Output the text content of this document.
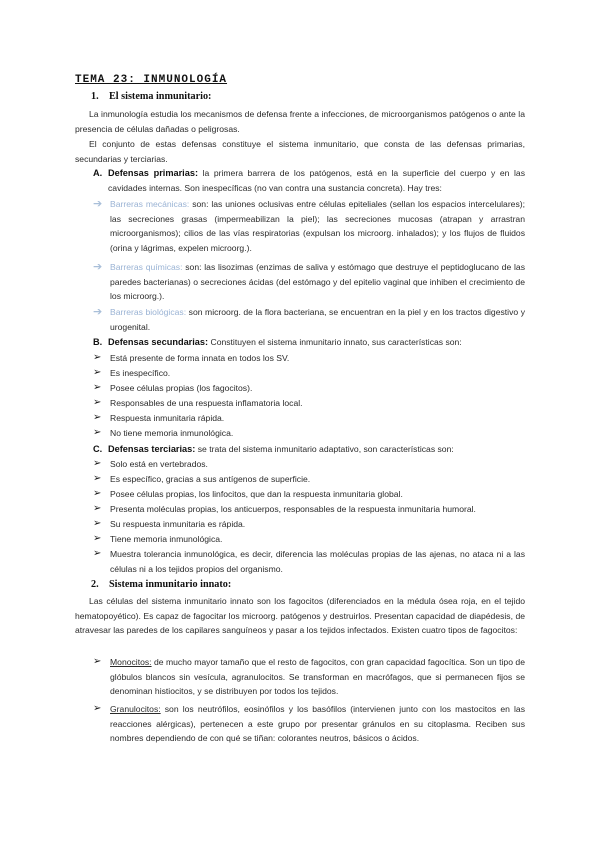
TEMA 23: INMUNOLOGÍA
1. El sistema inmunitario:
La inmunología estudia los mecanismos de defensa frente a infecciones, de microorganismos patógenos o ante la presencia de células dañadas o peligrosas.
El conjunto de estas defensas constituye el sistema inmunitario, que consta de las defensas primarias, secundarias y terciarias.
A. Defensas primarias: la primera barrera de los patógenos, está en la superficie del cuerpo y en las cavidades internas. Son inespecíficas (no van contra una sustancia concreta). Hay tres:
➔ Barreras mecánicas: son: las uniones oclusivas entre células epiteliales (sellan los espacios intercelulares); las secreciones grasas (impermeabilizan la piel); las secreciones mucosas (atrapan y arrastran microorganismos); cilios de las vías respiratorias (expulsan los microorg. inhalados); y los flujos de fluidos (orina y lágrimas, expelen microorg.).
➔ Barreras químicas: son: las lisozimas (enzimas de saliva y estómago que destruye el peptidoglucano de las paredes bacterianas) o secreciones ácidas (del estómago y del epitelio vaginal que inhiben el crecimiento de los microorg.).
➔ Barreras biológicas: son microorg. de la flora bacteriana, se encuentran en la piel y en los tractos digestivo y urogenital.
B. Defensas secundarias: Constituyen el sistema inmunitario innato, sus características son:
➢ Está presente de forma innata en todos los SV.
➢ Es inespecífico.
➢ Posee células propias (los fagocitos).
➢ Responsables de una respuesta inflamatoria local.
➢ Respuesta inmunitaria rápida.
➢ No tiene memoria inmunológica.
C. Defensas terciarias: se trata del sistema inmunitario adaptativo, son características son:
➢ Solo está en vertebrados.
➢ Es específico, gracias a sus antígenos de superficie.
➢ Posee células propias, los linfocitos, que dan la respuesta inmunitaria global.
➢ Presenta moléculas propias, los anticuerpos, responsables de la respuesta inmunitaria humoral.
➢ Su respuesta inmunitaria es rápida.
➢ Tiene memoria inmunológica.
➢ Muestra tolerancia inmunológica, es decir, diferencia las moléculas propias de las ajenas, no ataca ni a las células ni a los tejidos propios del organismo.
2. Sistema inmunitario innato:
Las células del sistema inmunitario innato son los fagocitos (diferenciados en la médula ósea roja, en el tejido hematopoyético). Es capaz de fagocitar los microorg. patógenos y destruirlos. Presentan capacidad de diapédesis, de atravesar las paredes de los capilares sanguíneos y pasar a los tejidos infectados. Existen cuatro tipos de fagocitos:
➢ Monocitos: de mucho mayor tamaño que el resto de fagocitos, con gran capacidad fagocítica. Son un tipo de glóbulos blancos sin vesícula, agranulocitos. Se transforman en macrófagos, que si permanecen fijos se denominan histiocitos, y se distribuyen por todos los tejidos.
➢ Granulocitos: son los neutrófilos, eosinófilos y los basófilos (intervienen junto con los mastocitos en las reacciones alérgicas), pertenecen a este grupo por presentar gránulos en su citoplasma. Reciben sus nombres dependiendo de con qué se tiñan: colorantes neutros, básicos o ácidos.
